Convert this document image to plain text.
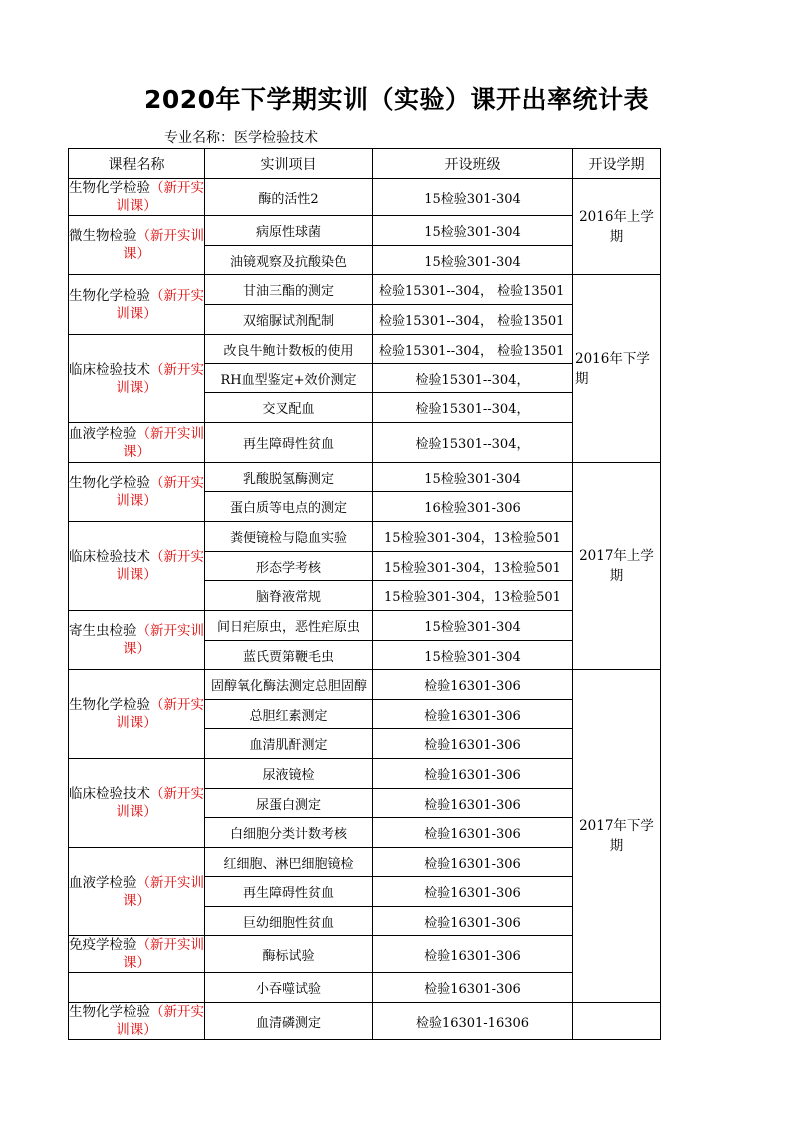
2020年下学期实训（实验）课开出率统计表
专业名称：医学检验技术
课程名称	实训项目	开设班级	开设学期
生物化学检验（新开实训课）	酶的活性2	15检验301-304	2016年上学期
微生物检验（新开实训课）	病原性球菌	15检验301-304	
	油镜观察及抗酸染色	15检验301-304	
生物化学检验（新开实训课）	甘油三酯的测定	检验15301--304， 检验13501	2016年下学期
	双缩脲试剂配制	检验15301--304， 检验13501	
临床检验技术（新开实训课）	改良牛鲍计数板的使用	检验15301--304， 检验13501	
	RH血型鉴定+效价测定	检验15301--304，	
	交叉配血	检验15301--304，	
血液学检验（新开实训课）	再生障碍性贫血	检验15301--304，	
生物化学检验（新开实训课）	乳酸脱氢酶测定	15检验301-304	2017年上学期
	蛋白质等电点的测定	16检验301-306	
临床检验技术（新开实训课）	粪便镜检与隐血实验	15检验301-304，13检验501	
	形态学考核	15检验301-304，13检验501	
	脑脊液常规	15检验301-304，13检验501	
寄生虫检验（新开实训课）	间日疟原虫，恶性疟原虫	15检验301-304	
	蓝氏贾第鞭毛虫	15检验301-304	
生物化学检验（新开实训课）	固醇氧化酶法测定总胆固醇	检验16301-306	2017年下学期
	总胆红素测定	检验16301-306	
	血清肌酐测定	检验16301-306	
临床检验技术（新开实训课）	尿液镜检	检验16301-306	
	尿蛋白测定	检验16301-306	
	白细胞分类计数考核	检验16301-306	
血液学检验（新开实训课）	红细胞、淋巴细胞镜检	检验16301-306	
	再生障碍性贫血	检验16301-306	
	巨幼细胞性贫血	检验16301-306	
免疫学检验（新开实训课）	酶标试验	检验16301-306	
	小吞噬试验	检验16301-306	
生物化学检验（新开实训课）	血清磷测定	检验16301-16306	
